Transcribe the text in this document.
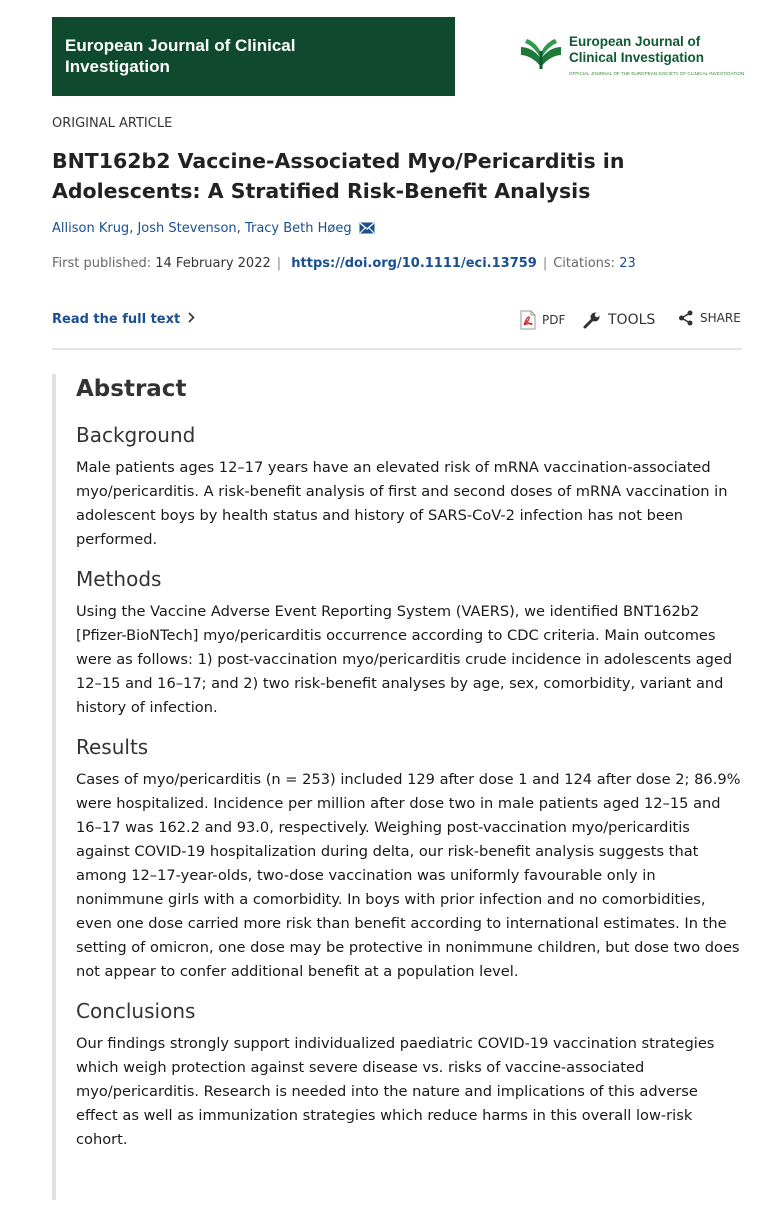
European Journal of Clinical Investigation
European Journal of Clinical Investigation
OFFICIAL JOURNAL OF THE EUROPEAN SOCIETY OF CLINICAL INVESTIGATION
ORIGINAL ARTICLE
BNT162b2 Vaccine-Associated Myo/Pericarditis in Adolescents: A Stratified Risk-Benefit Analysis
Allison Krug, Josh Stevenson, Tracy Beth Høeg
First published: 14 February 2022 | https://doi.org/10.1111/eci.13759 | Citations: 23
Read the full text	PDF	TOOLS	SHARE
Abstract
Background

Male patients ages 12–17 years have an elevated risk of mRNA vaccination-associated myo/pericarditis. A risk-benefit analysis of first and second doses of mRNA vaccination in adolescent boys by health status and history of SARS-CoV-2 infection has not been performed.

Methods

Using the Vaccine Adverse Event Reporting System (VAERS), we identified BNT162b2 [Pfizer-BioNTech] myo/pericarditis occurrence according to CDC criteria. Main outcomes were as follows: 1) post-vaccination myo/pericarditis crude incidence in adolescents aged 12–15 and 16–17; and 2) two risk-benefit analyses by age, sex, comorbidity, variant and history of infection.

Results

Cases of myo/pericarditis (n = 253) included 129 after dose 1 and 124 after dose 2; 86.9% were hospitalized. Incidence per million after dose two in male patients aged 12–15 and 16–17 was 162.2 and 93.0, respectively. Weighing post-vaccination myo/pericarditis against COVID-19 hospitalization during delta, our risk-benefit analysis suggests that among 12–17-year-olds, two-dose vaccination was uniformly favourable only in nonimmune girls with a comorbidity. In boys with prior infection and no comorbidities, even one dose carried more risk than benefit according to international estimates. In the setting of omicron, one dose may be protective in nonimmune children, but dose two does not appear to confer additional benefit at a population level.

Conclusions

Our findings strongly support individualized paediatric COVID-19 vaccination strategies which weigh protection against severe disease vs. risks of vaccine-associated myo/pericarditis. Research is needed into the nature and implications of this adverse effect as well as immunization strategies which reduce harms in this overall low-risk cohort.
